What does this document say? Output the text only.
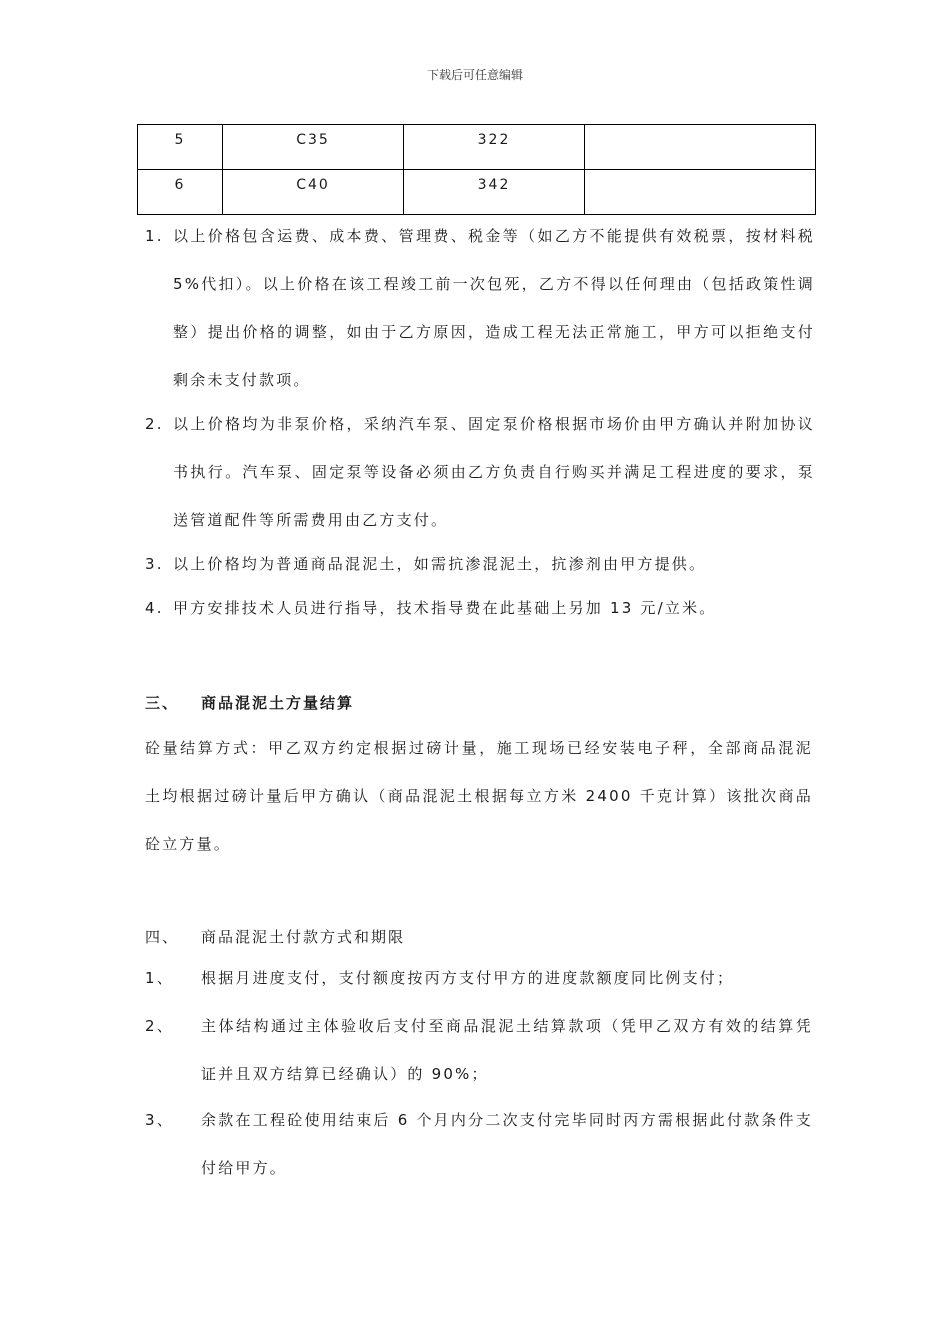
下载后可任意编辑
5	C35	322	

6	C40	342	

1. 以上价格包含运费、成本费、管理费、税金等（如乙方不能提供有效税票，按材料税 5%代扣）。以上价格在该工程竣工前一次包死，乙方不得以任何理由（包括政策性调整）提出价格的调整，如由于乙方原因，造成工程无法正常施工，甲方可以拒绝支付剩余未支付款项。
2. 以上价格均为非泵价格，采纳汽车泵、固定泵价格根据市场价由甲方确认并附加协议书执行。汽车泵、固定泵等设备必须由乙方负责自行购买并满足工程进度的要求，泵送管道配件等所需费用由乙方支付。
3. 以上价格均为普通商品混泥土，如需抗渗混泥土，抗渗剂由甲方提供。
4. 甲方安排技术人员进行指导，技术指导费在此基础上另加 13 元/立米。
三、 商品混泥土方量结算
砼量结算方式：甲乙双方约定根据过磅计量，施工现场已经安装电子秤，全部商品混泥土均根据过磅计量后甲方确认（商品混泥土根据每立方米 2400 千克计算）该批次商品砼立方量。
四、 商品混泥土付款方式和期限
1、 根据月进度支付，支付额度按丙方支付甲方的进度款额度同比例支付；
2、 主体结构通过主体验收后支付至商品混泥土结算款项（凭甲乙双方有效的结算凭证并且双方结算已经确认）的 90%；
3、 余款在工程砼使用结束后 6 个月内分二次支付完毕同时丙方需根据此付款条件支付给甲方。
